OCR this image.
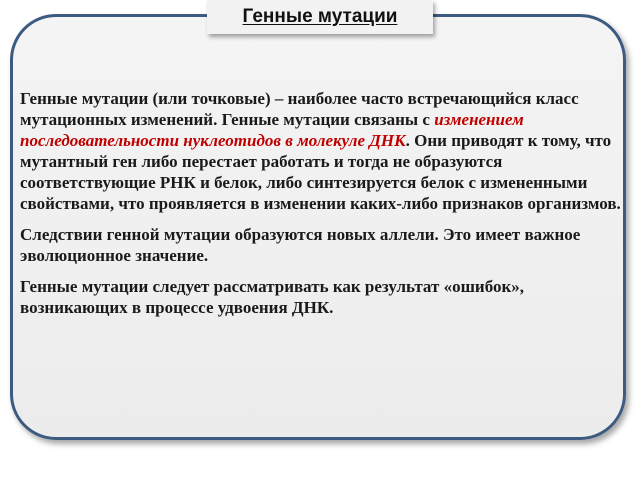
Генные мутации

Генные мутации (или точковые) – наиболее часто встречающийся класс мутационных изменений. Генные мутации связаны с изменением последовательности нуклеотидов в молекуле ДНК. Они приводят к тому, что мутантный ген либо перестает работать и тогда не образуются соответствующие РНК и белок, либо синтезируется белок с измененными свойствами, что проявляется в изменении каких-либо признаков организмов.

Следствии генной мутации образуются новых аллели. Это имеет важное эволюционное значение.

Генные мутации следует рассматривать как результат «ошибок», возникающих в процессе удвоения ДНК.
